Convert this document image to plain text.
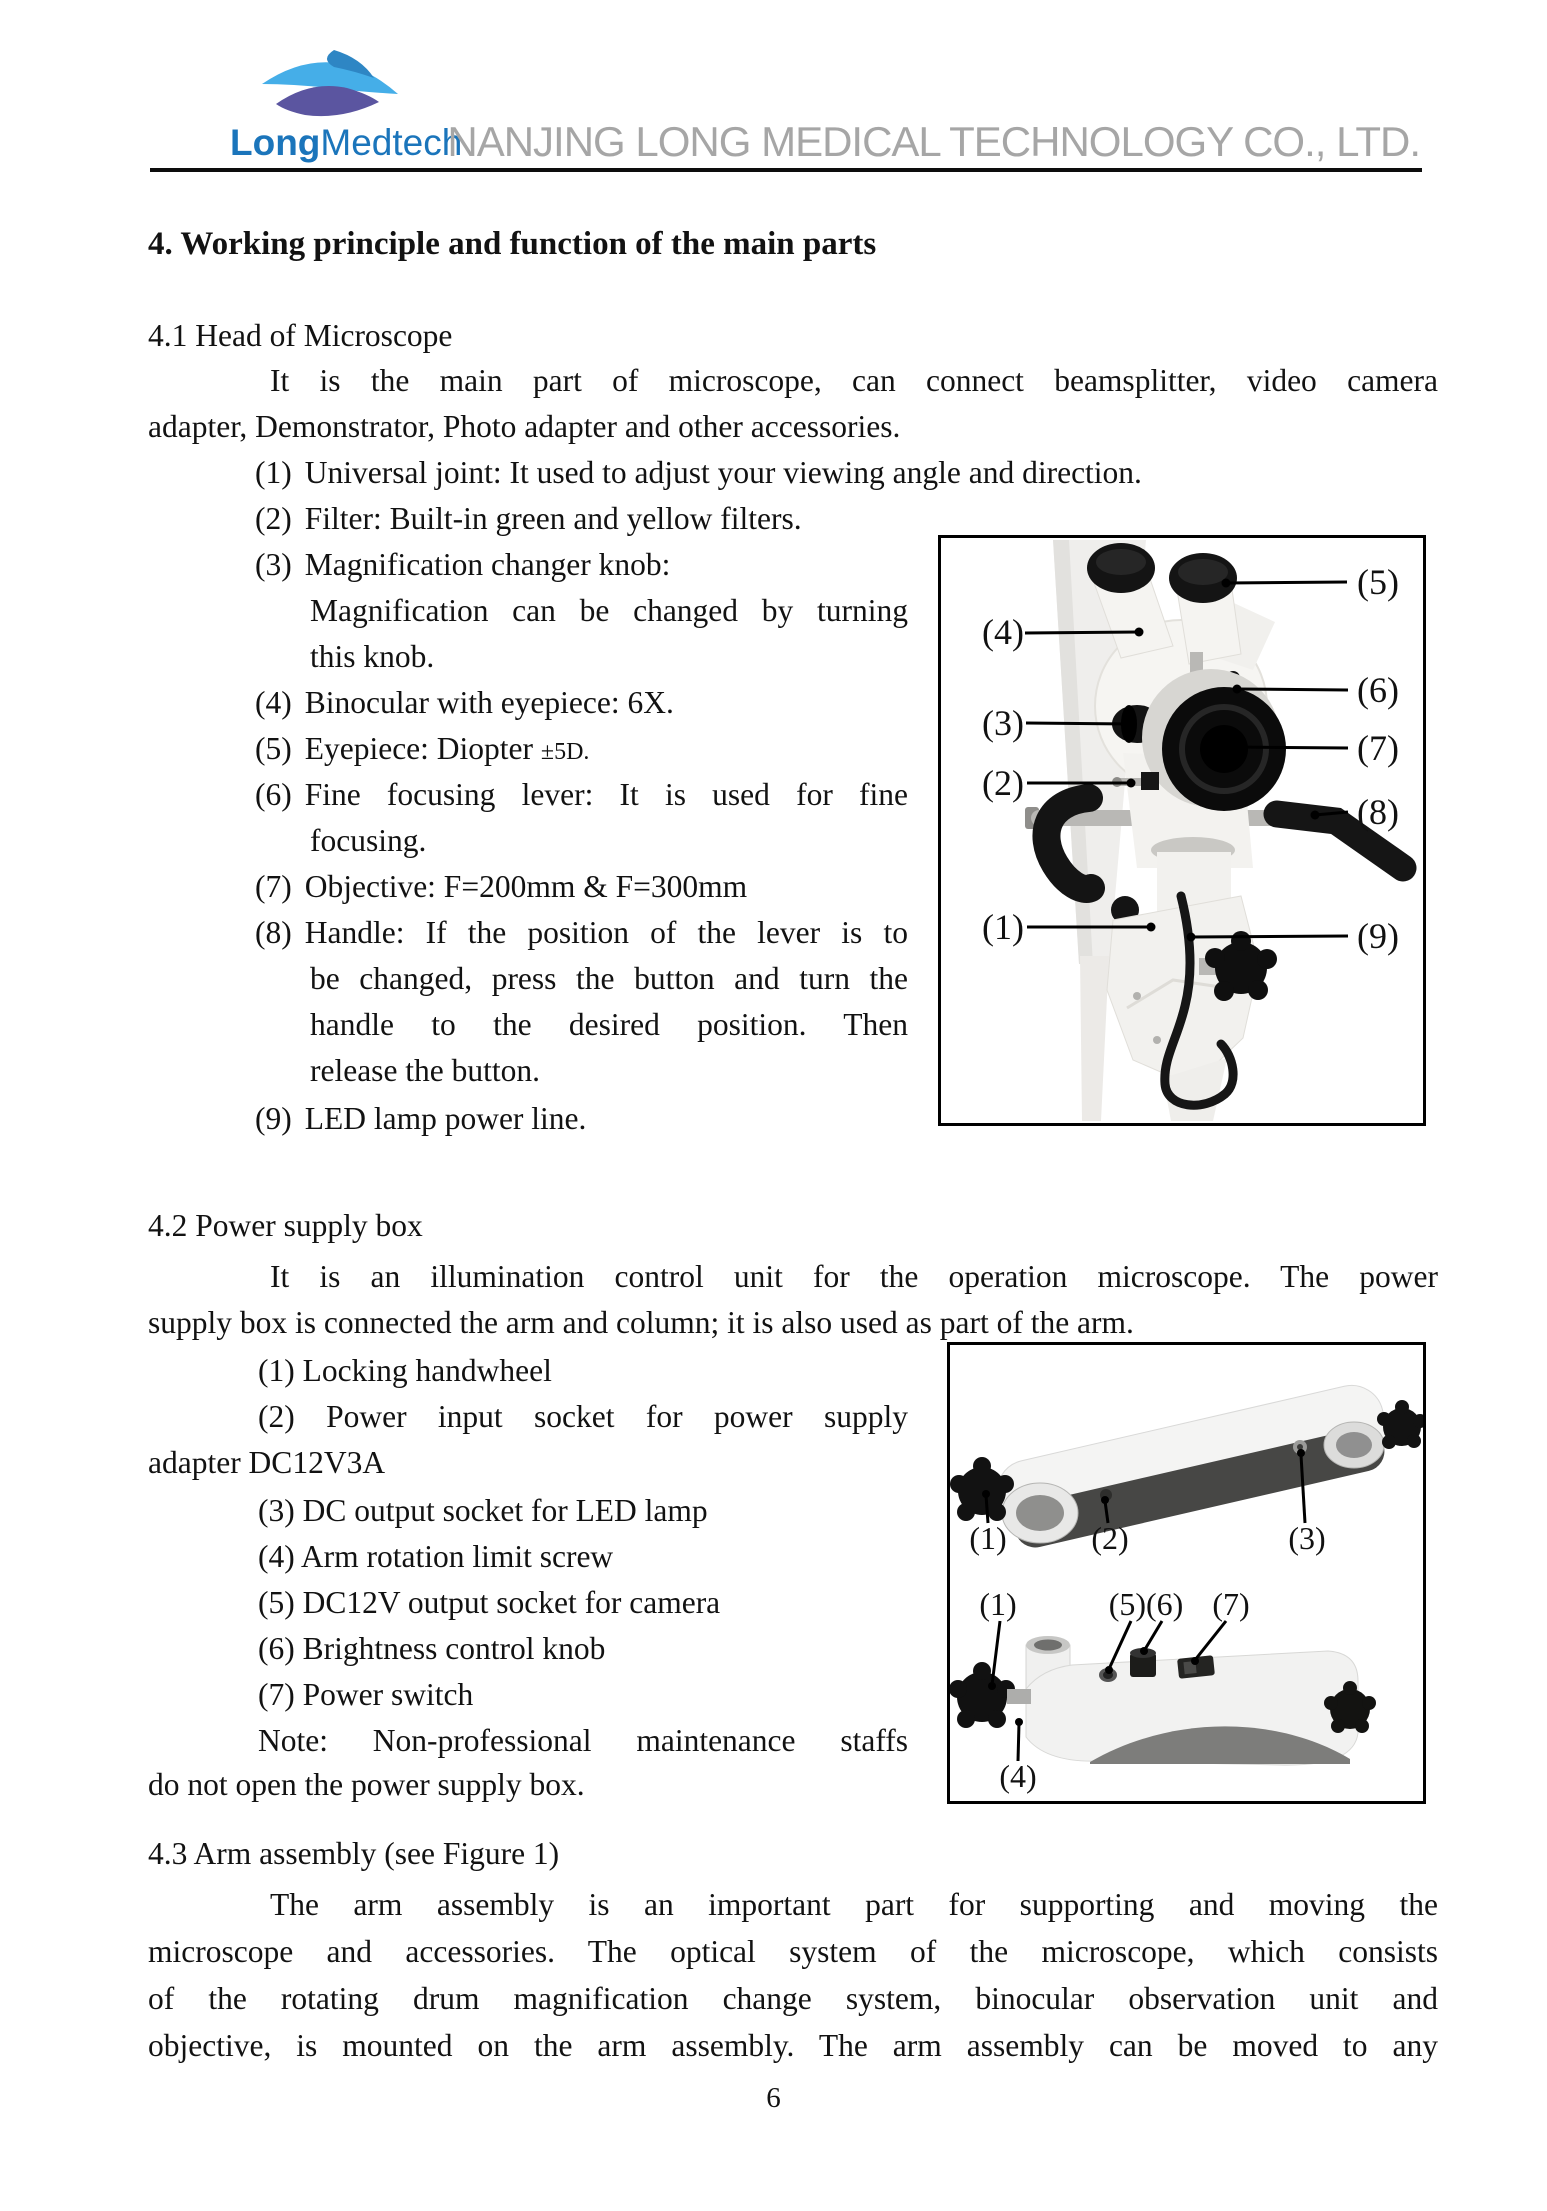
LongMedtech
NANJING LONG MEDICAL TECHNOLOGY CO., LTD.
4. Working principle and function of the main parts
4.1 Head of Microscope
It is the main part of microscope, can connect beamsplitter, video camera
adapter, Demonstrator, Photo adapter and other accessories.
(1) Universal joint: It used to adjust your viewing angle and direction.
(2) Filter: Built-in green and yellow filters.
(3) Magnification changer knob:
Magnification can be changed by turning
this knob.
(4) Binocular with eyepiece: 6X.
(5) Eyepiece: Diopter ±5D.
(6) Fine focusing lever: It is used for fine
focusing.
(7) Objective: F=200mm & F=300mm
(8) Handle: If the position of the lever is to
be changed, press the button and turn the
handle to the desired position. Then
release the button.
(9) LED lamp power line.
(4)
(3)
(2)
(1)
(5)
(6)
(7)
(8)
(9)
4.2 Power supply box
It is an illumination control unit for the operation microscope. The power
supply box is connected the arm and column; it is also used as part of the arm.
(1) Locking handwheel
(2) Power input socket for power supply
adapter DC12V3A
(3) DC output socket for LED lamp
(4) Arm rotation limit screw
(5) DC12V output socket for camera
(6) Brightness control knob
(7) Power switch
Note: Non-professional maintenance staffs
do not open the power supply box.
(1)	(2)	(3)
(1)	(5)(6) (7)
(4)
4.3 Arm assembly (see Figure 1)
The arm assembly is an important part for supporting and moving the
microscope and accessories. The optical system of the microscope, which consists
of the rotating drum magnification change system, binocular observation unit and
objective, is mounted on the arm assembly. The arm assembly can be moved to any
6
